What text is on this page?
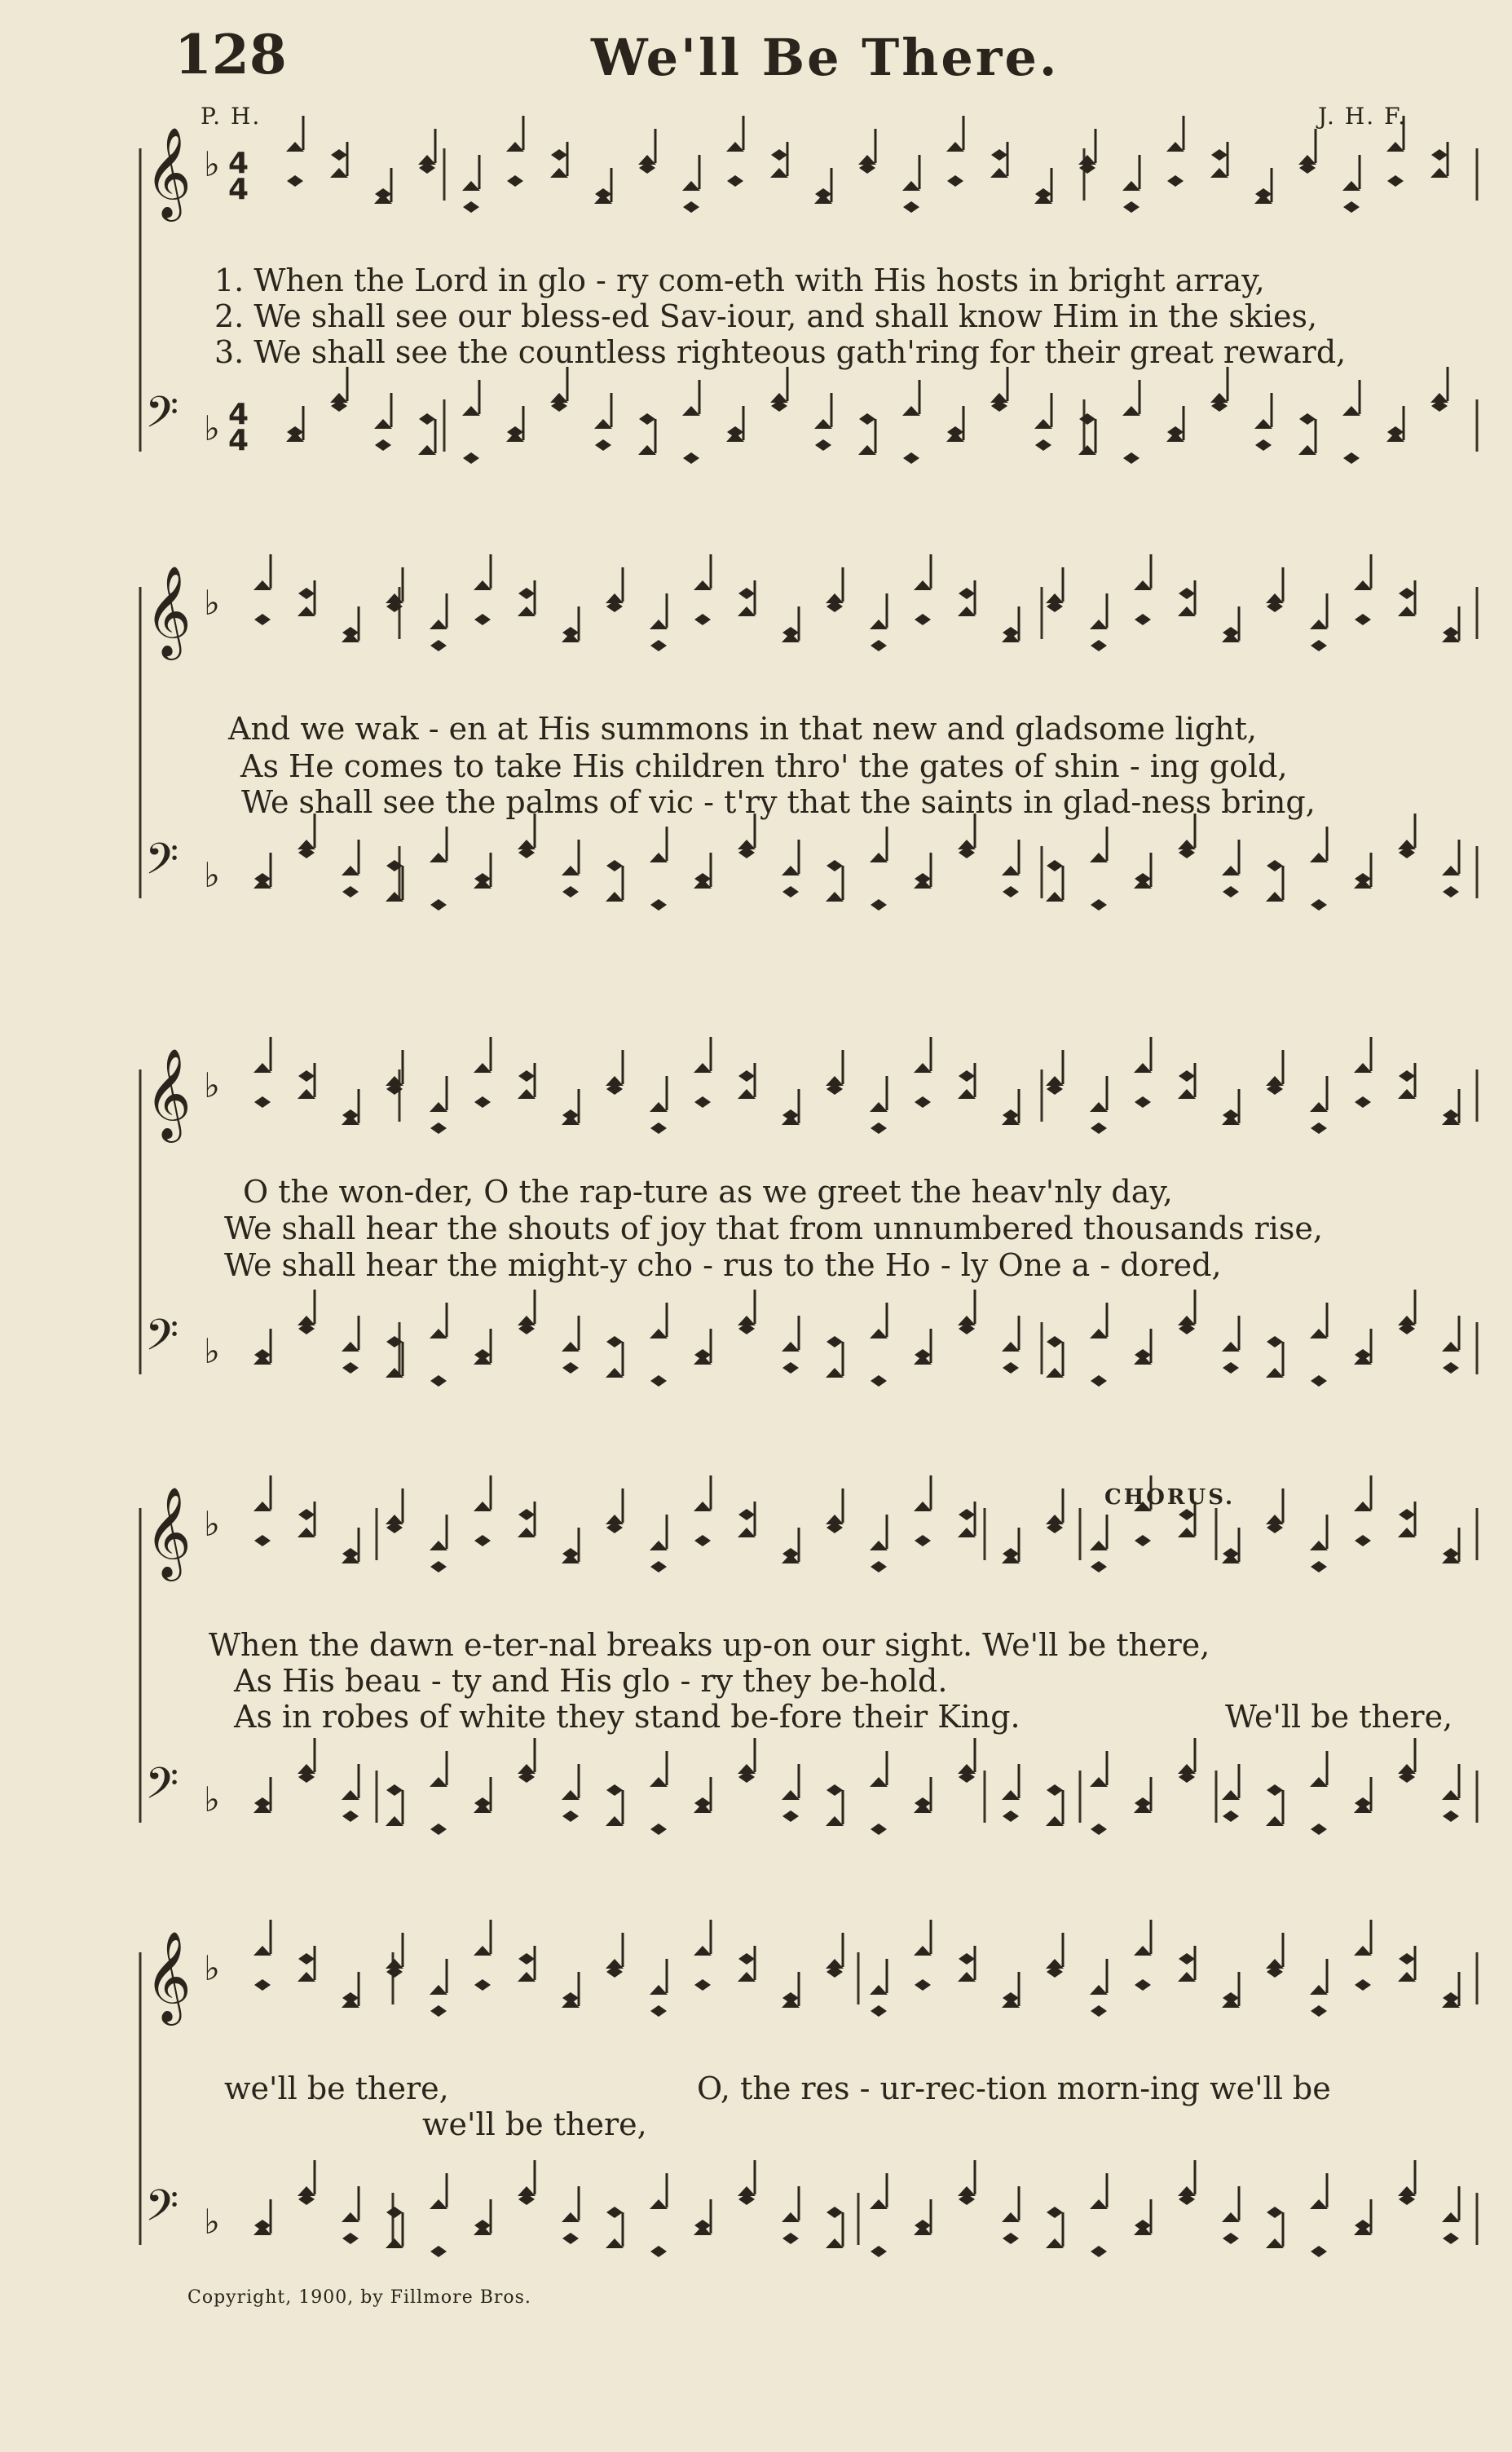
𝄞 ♭ 4
4
𝄢 ♭ 4
4
𝄞 ♭
𝄢 ♭
𝄞 ♭
𝄢 ♭
𝄞 ♭
𝄢 ♭
𝄞 ♭
𝄢 ♭
128	We'll Be There.
P. H.	J. H. F.
1. When the Lord in glo - ry com-eth with His hosts in bright array,
2. We shall see our bless-ed Sav-iour, and shall know Him in the skies,
3. We shall see the countless righteous gath'ring for their great reward,
And we wak - en at His summons in that new and gladsome light,
As He comes to take His children thro' the gates of shin - ing gold,
We shall see the palms of vic - t'ry that the saints in glad-ness bring,
O the won-der, O the rap-ture as we greet the heav'nly day,
We shall hear the shouts of joy that from unnumbered thousands rise,
We shall hear the might-y cho - rus to the Ho - ly One a - dored,
CHORUS.
When the dawn e-ter-nal breaks up-on our sight. We'll be there,
As His beau - ty and His glo - ry they be-hold.
As in robes of white they stand be-fore their King.	We'll be there,
we'll be there,	O, the res - ur-rec-tion morn-ing we'll be
we'll be there,
Copyright, 1900, by Fillmore Bros.
